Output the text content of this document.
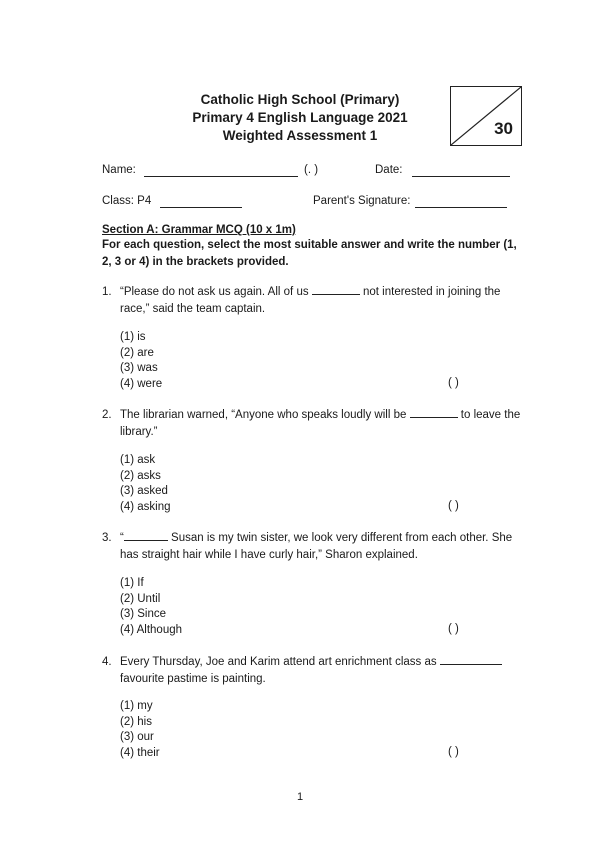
Catholic High School (Primary)
Primary 4 English Language 2021
Weighted Assessment 1	30
Name:	(. )	Date:
Class: P4	Parent's Signature:
Section A: Grammar MCQ (10 x 1m)
For each question, select the most suitable answer and write the number (1, 2, 3 or 4) in the brackets provided.
1. “Please do not ask us again. All of us	not interested in joining the race,” said the team captain.
(1) is
(2) are
(3) was
(4) were	( )
2. The librarian warned, “Anyone who speaks loudly will be	to leave the library.”
(1) ask
(2) asks
(3) asked
(4) asking	( )
3. “	Susan is my twin sister, we look very different from each other. She has straight hair while I have curly hair,” Sharon explained.
(1) If
(2) Until
(3) Since
(4) Although	( )
4. Every Thursday, Joe and Karim attend art enrichment class as  favourite pastime is painting.
(1) my
(2) his
(3) our
(4) their	( )
1
